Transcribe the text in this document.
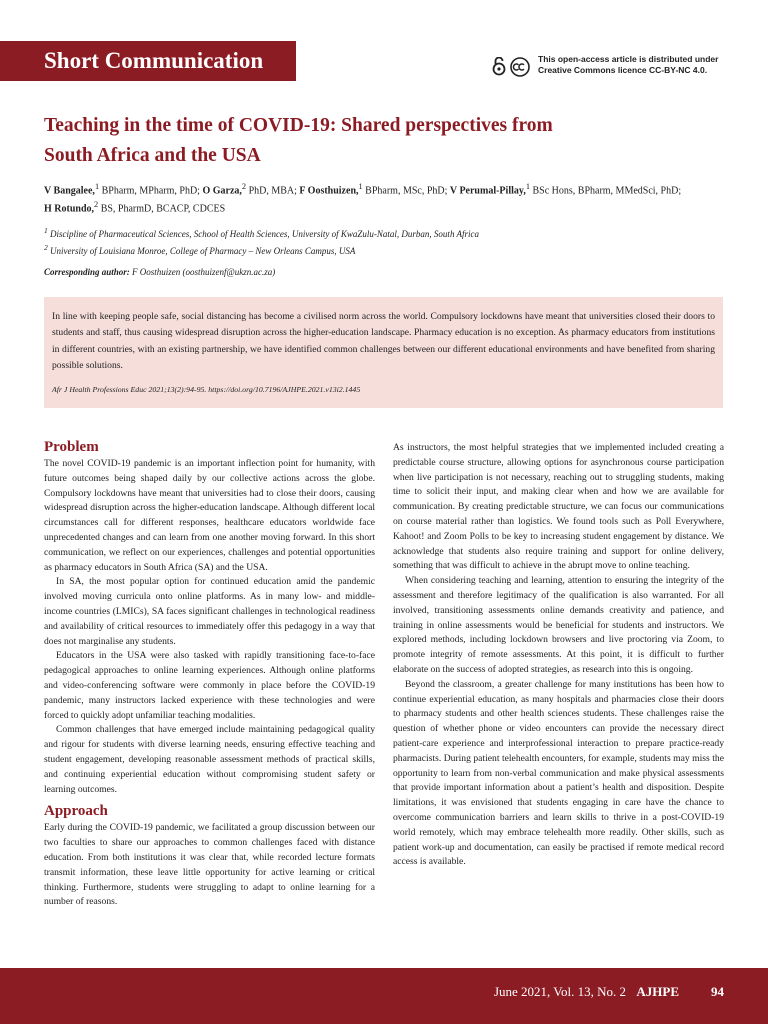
Short Communication	This open-access article is distributed under
Creative Commons licence CC-BY-NC 4.0.
Teaching in the time of COVID-19: Shared perspectives from
South Africa and the USA

V Bangalee,$^1$ BPharm, MPharm, PhD; O Garza,$^2$ PhD, MBA; F Oosthuizen,$^1$ BPharm, MSc, PhD; V Perumal-Pillay,$^1$ BSc Hons, BPharm, MMedSci, PhD;
H Rotundo,$^2$ BS, PharmD, BCACP, CDCES

$^1$ Discipline of Pharmaceutical Sciences, School of Health Sciences, University of KwaZulu-Natal, Durban, South Africa

$^2$ University of Louisiana Monroe, College of Pharmacy – New Orleans Campus, USA

Corresponding author: F Oosthuizen (oosthuizenf@ukzn.ac.za)

In line with keeping people safe, social distancing has become a civilised norm across the world. Compulsory lockdowns have meant that universities closed their doors to students and staff, thus causing widespread disruption across the higher-education landscape. Pharmacy education is no exception. As pharmacy educators from institutions in different countries, with an existing partnership, we have identified common challenges between our different educational environments and have benefited from sharing possible solutions.

Afr J Health Professions Educ 2021;13(2):94-95. https://doi.org/10.7196/AJHPE.2021.v13i2.1445

Problem

The novel COVID-19 pandemic is an important inflection point for humanity, with future outcomes being shaped daily by our collective actions across the globe. Compulsory lockdowns have meant that universities had to close their doors, causing widespread disruption across the higher-education landscape. Although different local circumstances call for different responses, healthcare educators worldwide face unprecedented changes and can learn from one another moving forward. In this short communication, we reflect on our experiences, challenges and potential opportunities as pharmacy educators in South Africa (SA) and the USA.

In SA, the most popular option for continued education amid the pandemic involved moving curricula onto online platforms. As in many low- and middle-income countries (LMICs), SA faces significant challenges in technological readiness and availability of critical resources to immediately offer this pedagogy in a way that does not marginalise any students.

Educators in the USA were also tasked with rapidly transitioning face-to-face pedagogical approaches to online learning experiences. Although online platforms and video-conferencing software were commonly in place before the COVID-19 pandemic, many instructors lacked experience with these technologies and were forced to quickly adopt unfamiliar teaching modalities.

Common challenges that have emerged include maintaining pedagogical quality and rigour for students with diverse learning needs, ensuring effective teaching and student engagement, developing reasonable assessment methods of practical skills, and continuing experiential education without compromising student safety or learning outcomes.

Approach

Early during the COVID-19 pandemic, we facilitated a group discussion between our two faculties to share our approaches to common challenges faced with distance education. From both institutions it was clear that, while recorded lecture formats transmit information, these leave little opportunity for active learning or critical thinking. Furthermore, students were struggling to adapt to online learning for a number of reasons.

As instructors, the most helpful strategies that we implemented included creating a predictable course structure, allowing options for asynchronous course participation when live participation is not necessary, reaching out to struggling students, making time to solicit their input, and making clear when and how we are available for communication. By creating predictable structure, we can focus our communications on course material rather than logistics. We found tools such as Poll Everywhere, Kahoot! and Zoom Polls to be key to increasing student engagement by distance. We acknowledge that students also require training and support for online delivery, something that was difficult to achieve in the abrupt move to online teaching.

When considering teaching and learning, attention to ensuring the integrity of the assessment and therefore legitimacy of the qualification is also warranted. For all involved, transitioning assessments online demands creativity and patience, and training in online assessments would be beneficial for students and instructors. We explored methods, including lockdown browsers and live proctoring via Zoom, to promote integrity of remote assessments. At this point, it is difficult to further elaborate on the success of adopted strategies, as research into this is ongoing.

Beyond the classroom, a greater challenge for many institutions has been how to continue experiential education, as many hospitals and pharmacies close their doors to pharmacy students and other health sciences students. These challenges raise the question of whether phone or video encounters can provide the necessary direct patient-care experience and interprofessional interaction to prepare practice-ready pharmacists. During patient telehealth encounters, for example, students may miss the opportunity to learn from non-verbal communication and make physical assessments that provide important information about a patient’s health and disposition. Despite limitations, it was envisioned that students engaging in care have the chance to overcome communication barriers and learn skills to thrive in a post-COVID-19 world remotely, which may embrace telehealth more readily. Other skills, such as patient work-up and documentation, can easily be practised if remote medical record access is available.

June 2021, Vol. 13, No. 2 AJHPE 94
